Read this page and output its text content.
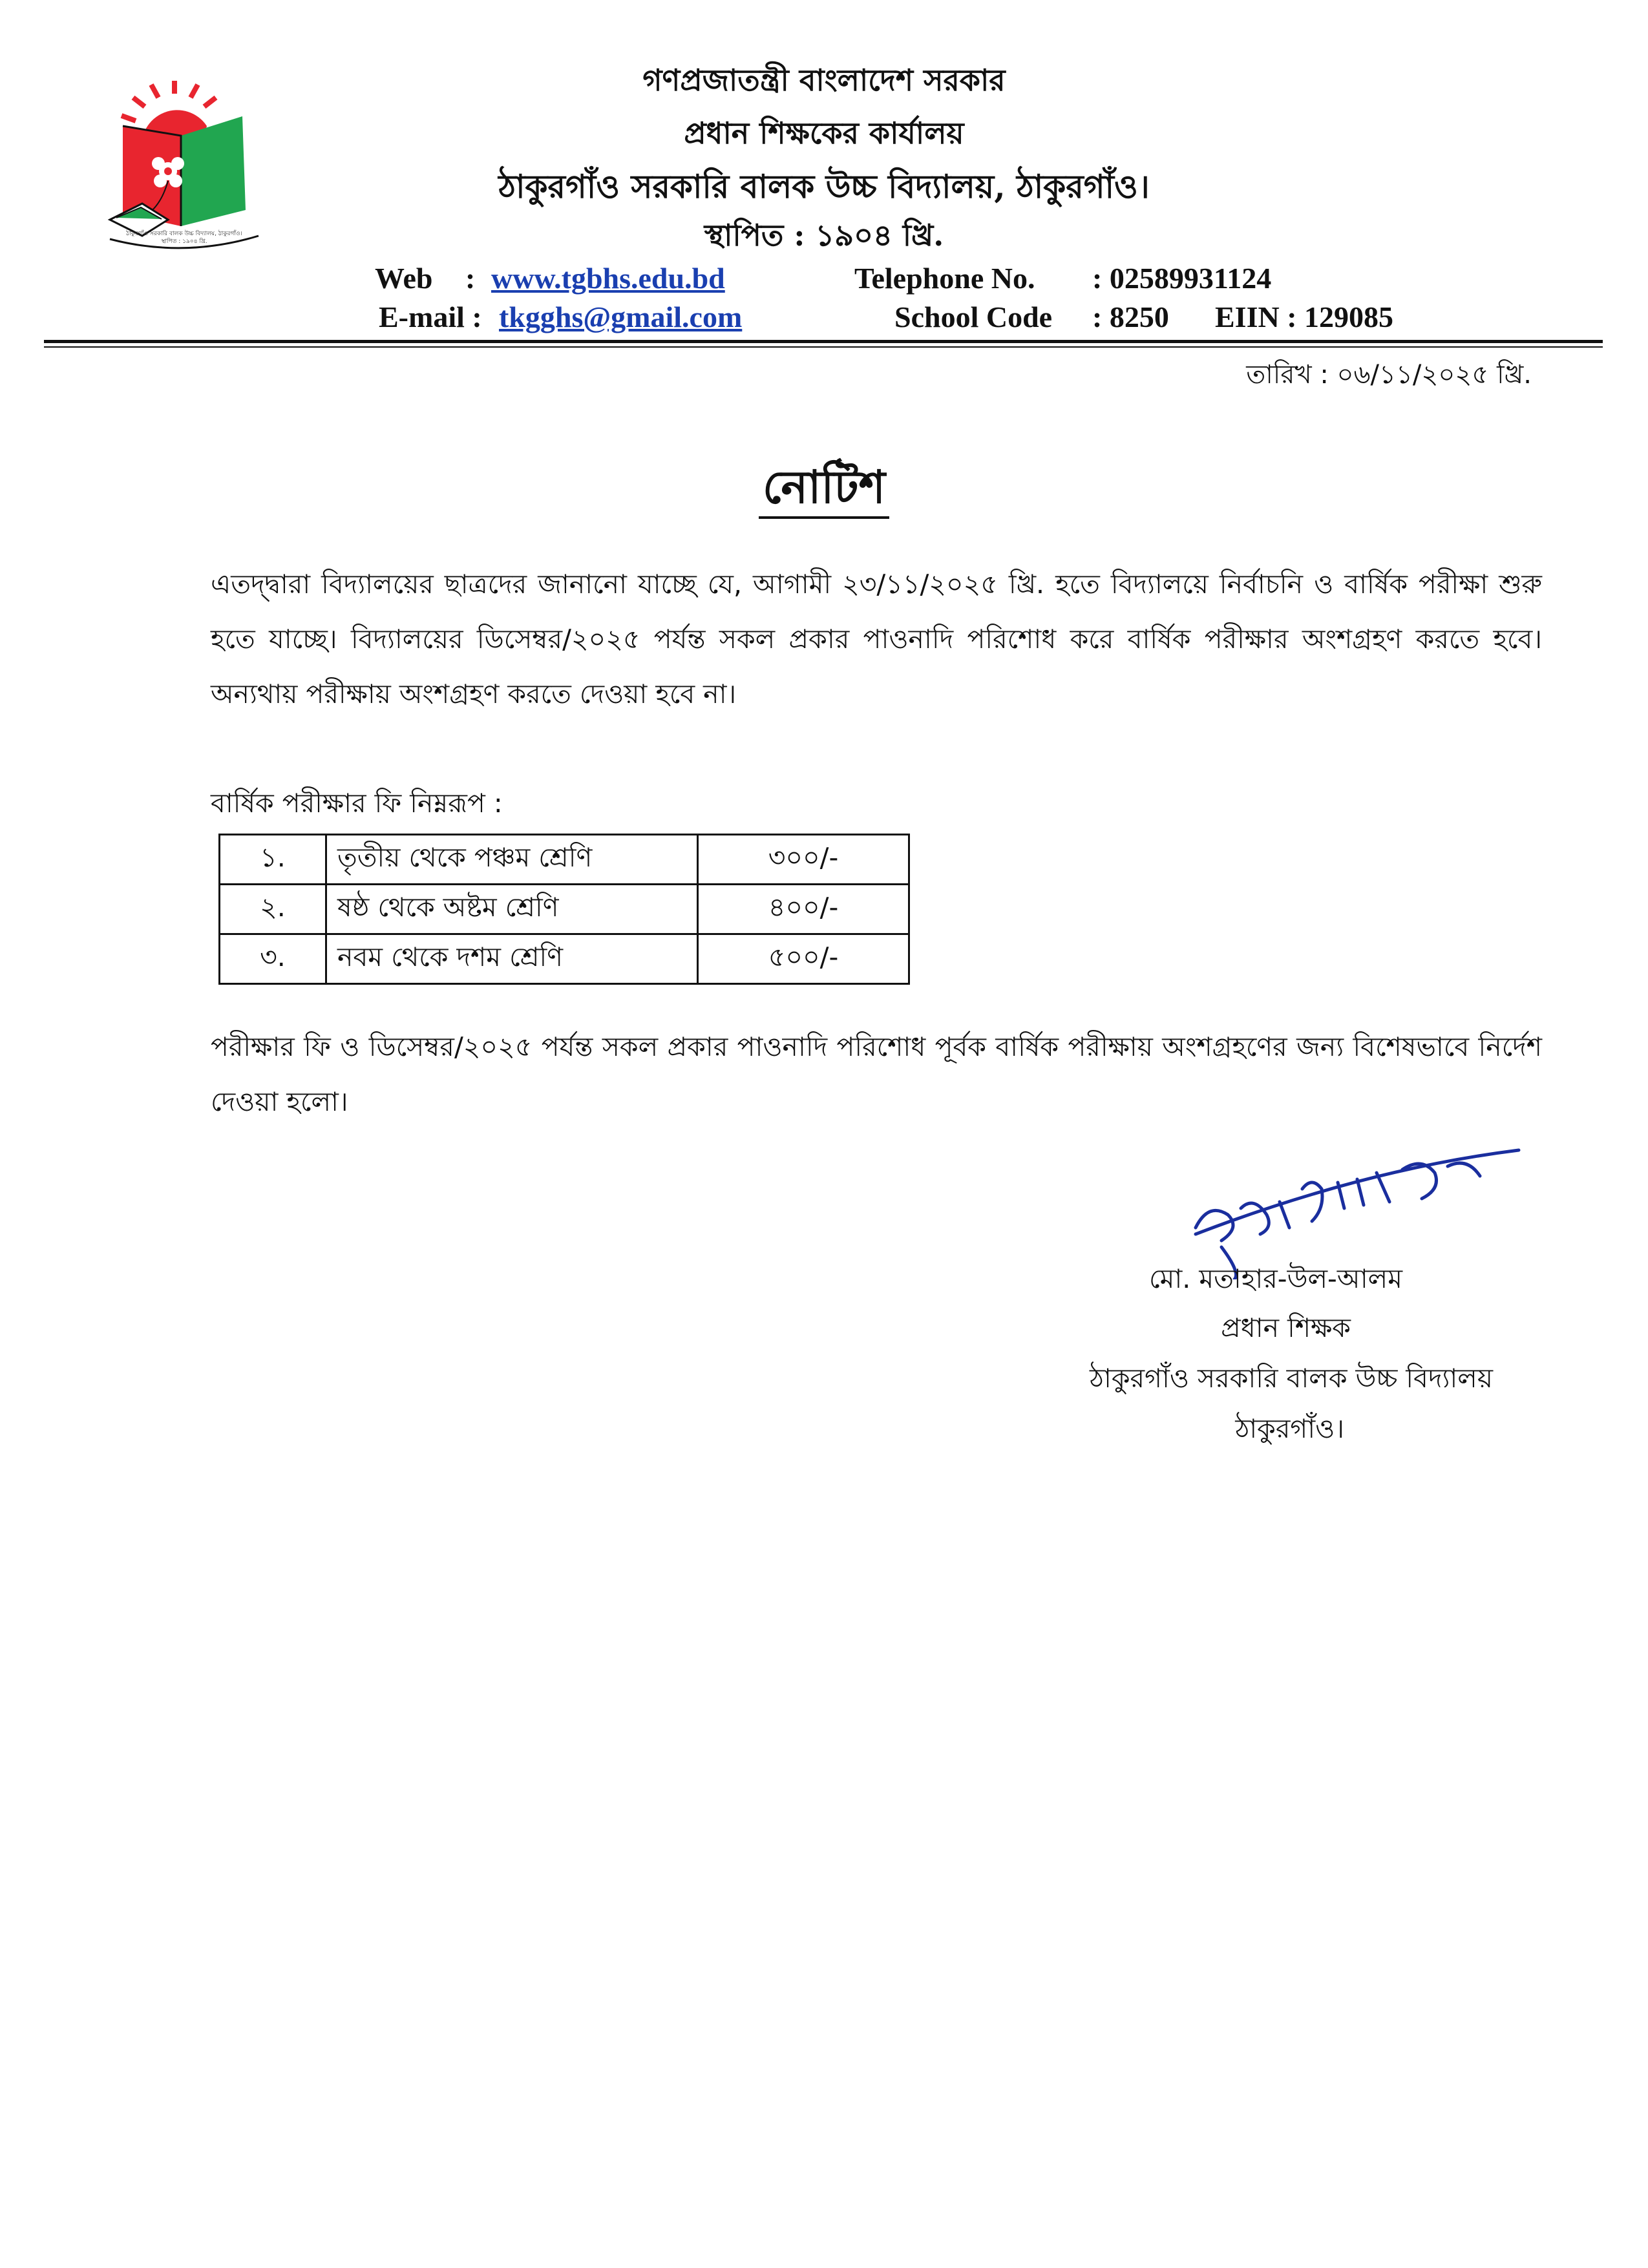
ঠাকুরগাঁও সরকারি বালক উচ্চ বিদ্যালয়, ঠাকুরগাঁও।
স্থাপিত : ১৯০৪ খ্রি.
গণপ্রজাতন্ত্রী বাংলাদেশ সরকার
প্রধান শিক্ষকের কার্যালয়
ঠাকুরগাঁও সরকারি বালক উচ্চ বিদ্যালয়, ঠাকুরগাঁও।
স্থাপিত : ১৯০৪ খ্রি.
Web : www.tgbhs.edu.bd
E-mail : tkgghs@gmail.com
Telephone No. : 02589931124
School Code : 8250 EIIN : 129085
তারিখ : ০৬/১১/২০২৫ খ্রি.
নোটিশ
এতদ্দ্বারা বিদ্যালয়ের ছাত্রদের জানানো যাচ্ছে যে, আগামী ২৩/১১/২০২৫ খ্রি. হতে বিদ্যালয়ে নির্বাচনি ও বার্ষিক পরীক্ষা শুরু হতে যাচ্ছে। বিদ্যালয়ের ডিসেম্বর/২০২৫ পর্যন্ত সকল প্রকার পাওনাদি পরিশোধ করে বার্ষিক পরীক্ষার অংশগ্রহণ করতে হবে। অন্যথায় পরীক্ষায় অংশগ্রহণ করতে দেওয়া হবে না।
বার্ষিক পরীক্ষার ফি নিম্নরূপ :
১.	তৃতীয় থেকে পঞ্চম শ্রেণি	৩০০/-
২.	ষষ্ঠ থেকে অষ্টম শ্রেণি	৪০০/-
৩.	নবম থেকে দশম শ্রেণি	৫০০/-
পরীক্ষার ফি ও ডিসেম্বর/২০২৫ পর্যন্ত সকল প্রকার পাওনাদি পরিশোধ পূর্বক বার্ষিক পরীক্ষায় অংশগ্রহণের জন্য বিশেষভাবে নির্দেশ দেওয়া হলো।
মো. মতাহার-উল-আলম
প্রধান শিক্ষক
ঠাকুরগাঁও সরকারি বালক উচ্চ বিদ্যালয়
ঠাকুরগাঁও।
